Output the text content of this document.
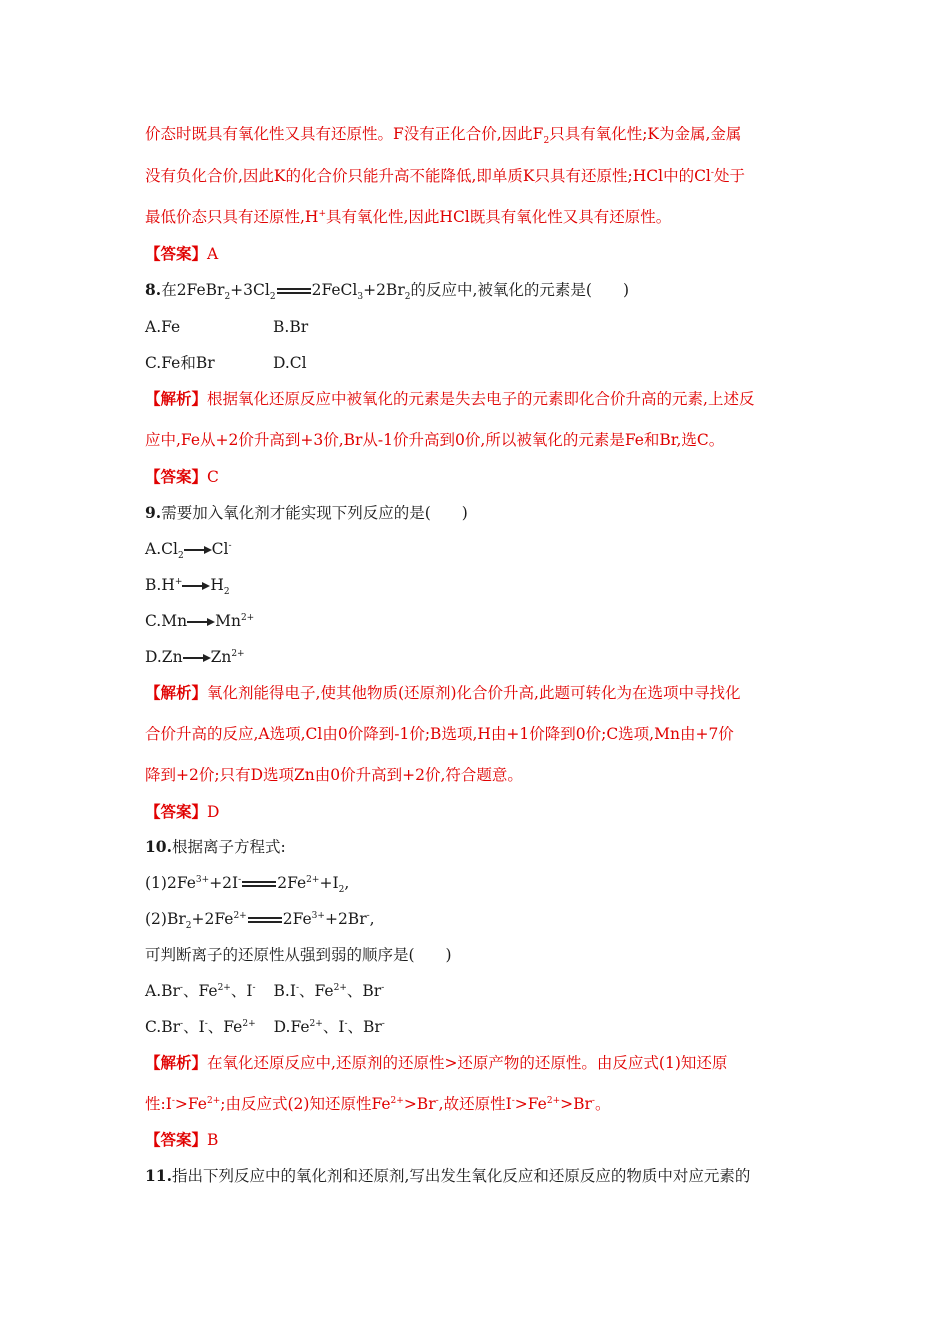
价态时既具有氧化性又具有还原性。F没有正化合价,因此$F_2$只具有氧化性;K为金属,金属
没有负化合价,因此K的化合价只能升高不能降低,即单质K只具有还原性;HCl中的Cl-处于
最低价态只具有还原性,H+具有氧化性,因此HCl既具有氧化性又具有还原性。
【答案】A
8.在$2FeBr_2+3Cl_2$ $2FeCl_3+2Br_2$的反应中,被氧化的元素是(　　)
A.Fe	B.Br
C.Fe和Br	D.Cl
【解析】根据氧化还原反应中被氧化的元素是失去电子的元素即化合价升高的元素,上述反
应中,Fe从+2价升高到+3价,Br从-1价升高到0价,所以被氧化的元素是Fe和Br,选C。
【答案】C
9.需要加入氧化剂才能实现下列反应的是(　　)
$A.Cl_2$ Cl-
B.H+ $H_2$
C.Mn $Mn^{2+}$
D.Zn $Zn^{2+}$
【解析】氧化剂能得电子,使其他物质(还原剂)化合价升高,此题可转化为在选项中寻找化
合价升高的反应,A选项,Cl由0价降到-1价;B选项,H由+1价降到0价;C选项,Mn由+7价
降到+2价;只有D选项Zn由0价升高到+2价,符合题意。
【答案】D
10.根据离子方程式:
$(1)2Fe^{3+}+2I^-$ $2Fe^{2+}+I_2$,
$(2)Br_2+2Fe^{2+}$ $2Fe^{3+}+2Br^-$,
可判断离子的还原性从强到弱的顺序是(　　)
A.Br-、$Fe^{2+}$、I- B.I-、$Fe^{2+}$、Br-
C.Br-、I-、$Fe^{2+}$ $D.Fe^{2+}$、I-、Br-
【解析】在氧化还原反应中,还原剂的还原性>还原产物的还原性。由反应式(1)知还原
性$:I^->Fe^{2+}$;由反应式(2)知还原性$Fe^{2+}>Br^-$,故还原性$I^->Fe^{2+}>Br^-$。
【答案】B
11.指出下列反应中的氧化剂和还原剂,写出发生氧化反应和还原反应的物质中对应元素的
